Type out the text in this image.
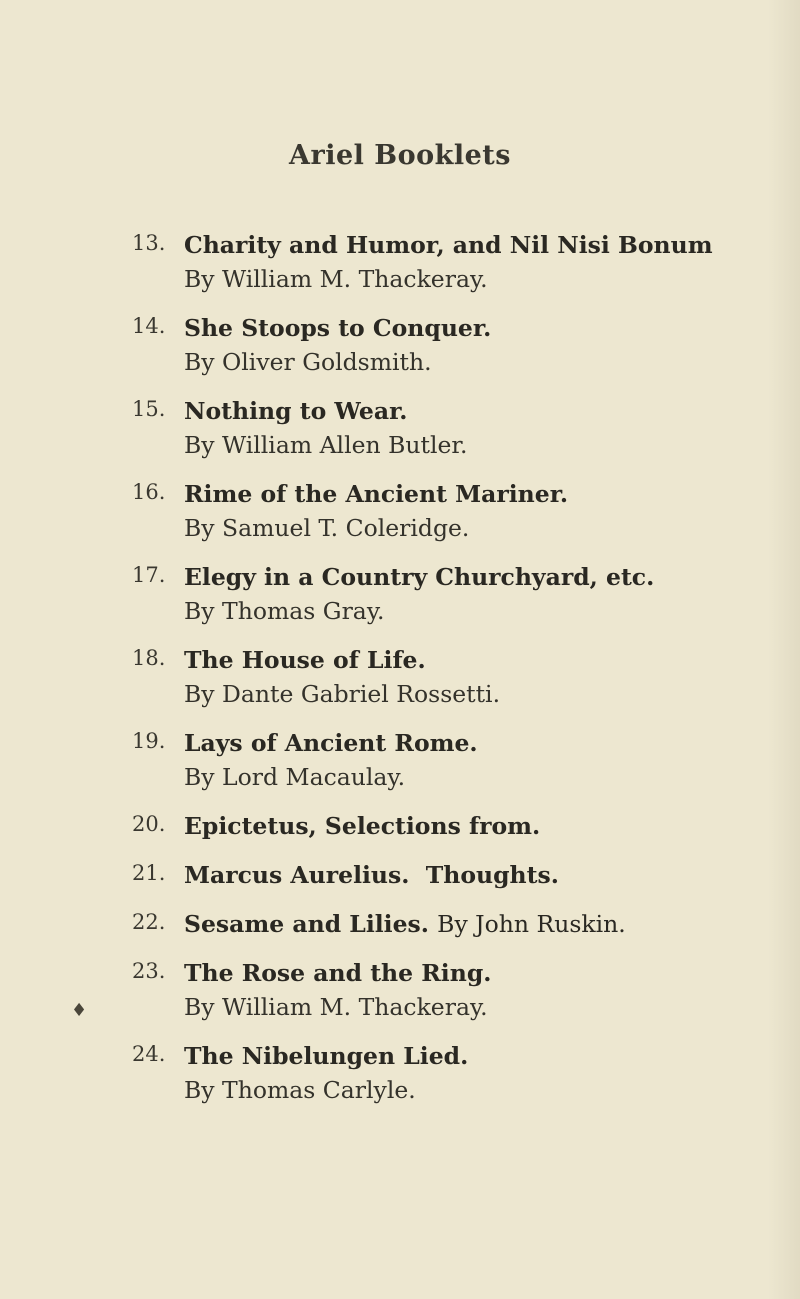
Ariel Booklets
13. Charity and Humor, and Nil Nisi Bonum
By William M. Thackeray.
14. She Stoops to Conquer.
By Oliver Goldsmith.
15. Nothing to Wear.
By William Allen Butler.
16. Rime of the Ancient Mariner.
By Samuel T. Coleridge.
17. Elegy in a Country Churchyard, etc.
By Thomas Gray.
18. The House of Life.
By Dante Gabriel Rossetti.
19. Lays of Ancient Rome.
By Lord Macaulay.
20. Epictetus, Selections from.
21. Marcus Aurelius.  Thoughts.
22. Sesame and Lilies. By John Ruskin.
23. The Rose and the Ring.
By William M. Thackeray.
24. The Nibelungen Lied.
By Thomas Carlyle.
♦
